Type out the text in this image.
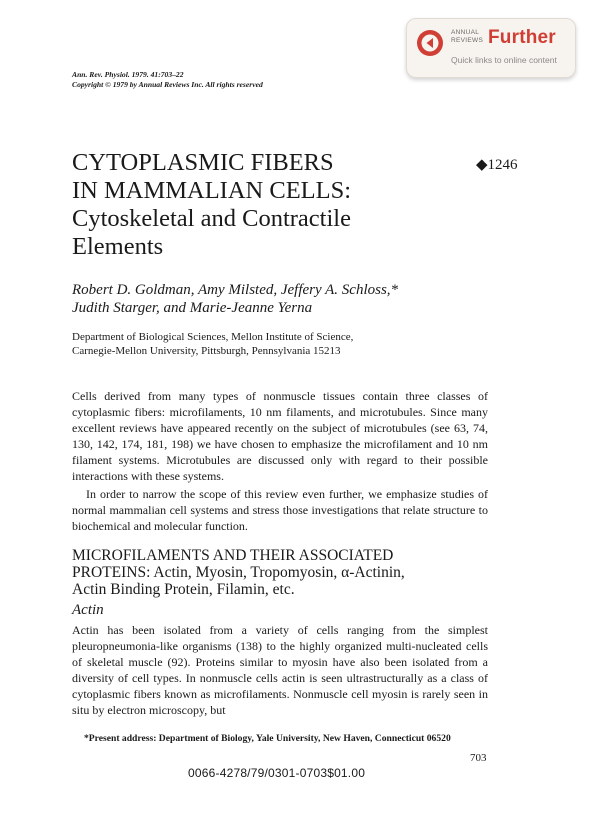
ANNUAL
REVIEWS Further
Quick links to online content
Ann. Rev. Physiol. 1979. 41:703–22
Copyright © 1979 by Annual Reviews Inc. All rights reserved
CYTOPLASMIC FIBERS
IN MAMMALIAN CELLS:
Cytoskeletal and Contractile
Elements
◆1246
Robert D. Goldman, Amy Milsted, Jeffery A. Schloss,*
Judith Starger, and Marie-Jeanne Yerna
Department of Biological Sciences, Mellon Institute of Science,
Carnegie-Mellon University, Pittsburgh, Pennsylvania 15213

Cells derived from many types of nonmuscle tissues contain three classes of cytoplasmic fibers: microfilaments, 10 nm filaments, and microtubules. Since many excellent reviews have appeared recently on the subject of microtubules (see 63, 74, 130, 142, 174, 181, 198) we have chosen to emphasize the microfilament and 10 nm filament systems. Microtubules are discussed only with regard to their possible interactions with these systems.

In order to narrow the scope of this review even further, we emphasize studies of normal mammalian cell systems and stress those investigations that relate structure to biochemical and molecular function.

MICROFILAMENTS AND THEIR ASSOCIATED
PROTEINS: Actin, Myosin, Tropomyosin, α-Actinin,
Actin Binding Protein, Filamin, etc.
Actin

Actin has been isolated from a variety of cells ranging from the simplest pleuropneumonia-like organisms (138) to the highly organized multi-nucleated cells of skeletal muscle (92). Proteins similar to myosin have also been isolated from a diversity of cell types. In nonmuscle cells actin is seen ultrastructurally as a class of cytoplasmic fibers known as microfilaments. Nonmuscle cell myosin is rarely seen in situ by electron microscopy, but

*Present address: Department of Biology, Yale University, New Haven, Connecticut 06520
703
0066-4278/79/0301-0703$01.00
